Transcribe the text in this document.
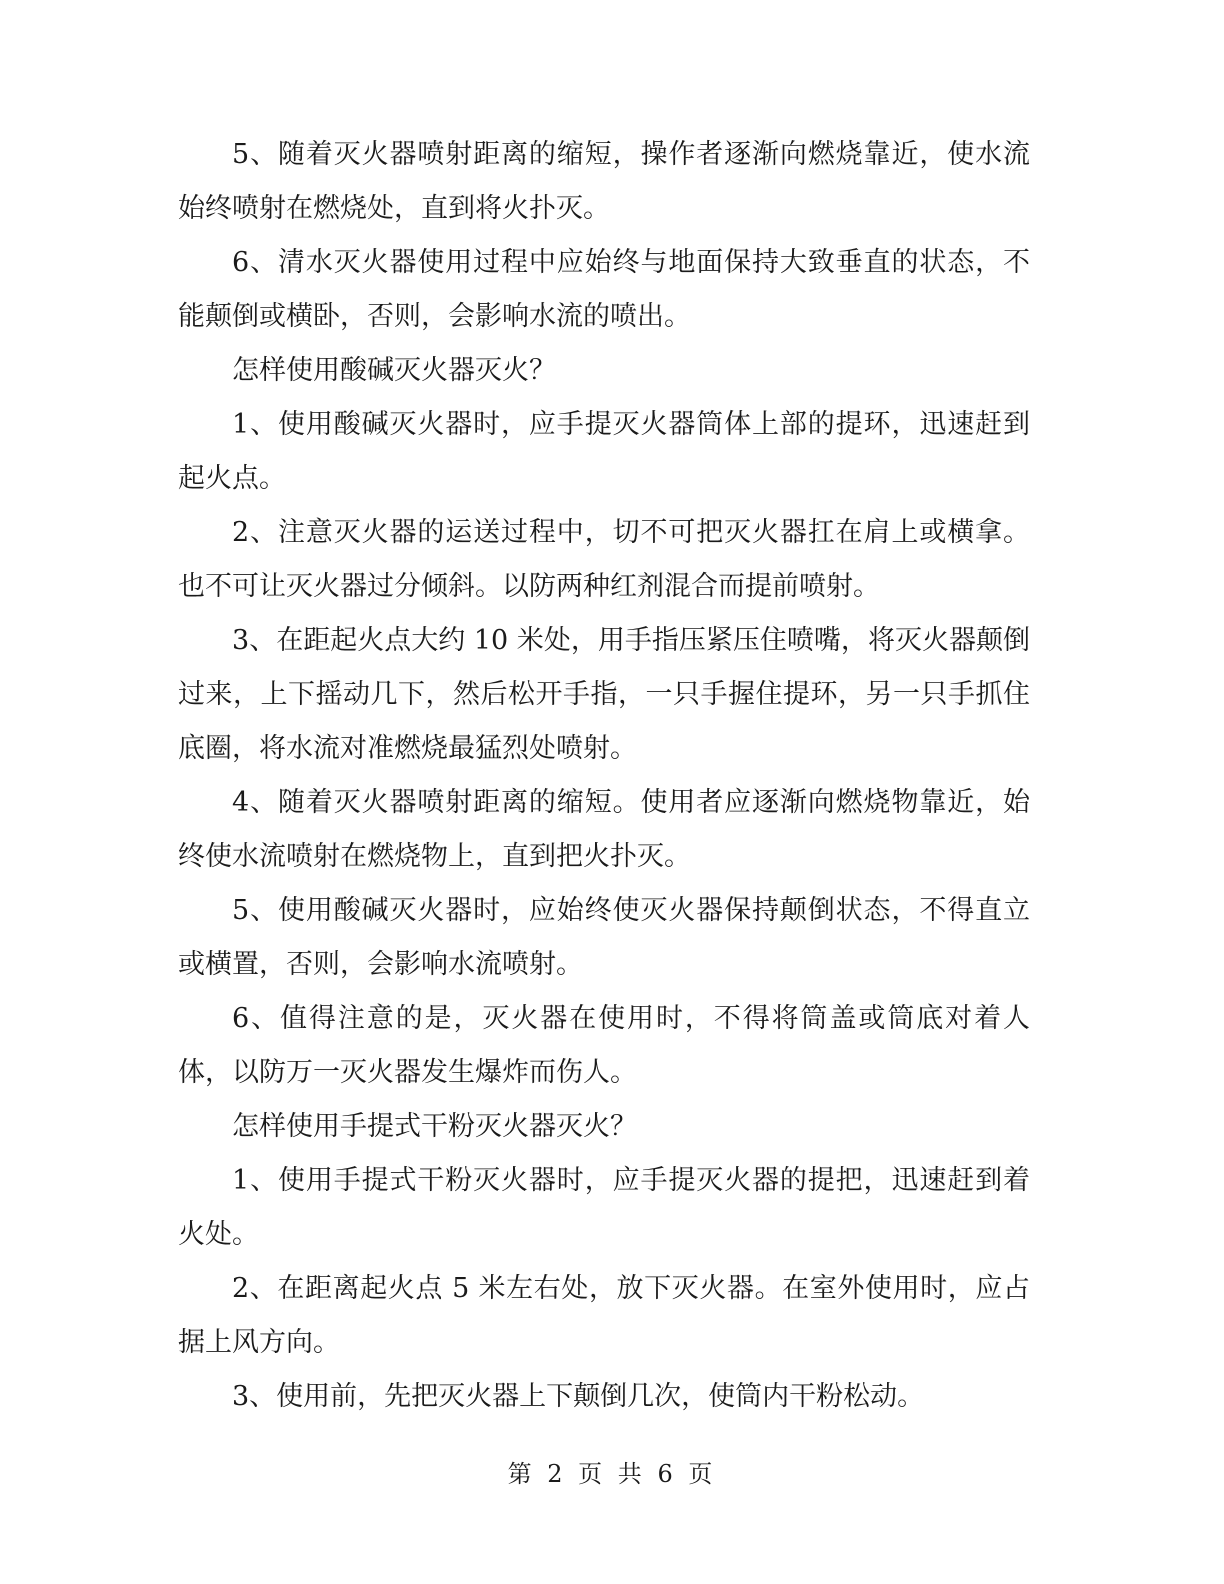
5、随着灭火器喷射距离的缩短，操作者逐渐向燃烧靠近，使水流始终喷射在燃烧处，直到将火扑灭。

6、清水灭火器使用过程中应始终与地面保持大致垂直的状态，不能颠倒或横卧，否则，会影响水流的喷出。

怎样使用酸碱灭火器灭火？

1、使用酸碱灭火器时，应手提灭火器筒体上部的提环，迅速赶到起火点。

2、注意灭火器的运送过程中，切不可把灭火器扛在肩上或横拿。也不可让灭火器过分倾斜。以防两种红剂混合而提前喷射。

3、在距起火点大约 10 米处，用手指压紧压住喷嘴，将灭火器颠倒过来，上下摇动几下，然后松开手指，一只手握住提环，另一只手抓住底圈，将水流对准燃烧最猛烈处喷射。

4、随着灭火器喷射距离的缩短。使用者应逐渐向燃烧物靠近，始终使水流喷射在燃烧物上，直到把火扑灭。

5、使用酸碱灭火器时，应始终使灭火器保持颠倒状态，不得直立或横置，否则，会影响水流喷射。

6、值得注意的是，灭火器在使用时，不得将筒盖或筒底对着人体，以防万一灭火器发生爆炸而伤人。

怎样使用手提式干粉灭火器灭火？

1、使用手提式干粉灭火器时，应手提灭火器的提把，迅速赶到着火处。

2、在距离起火点 5 米左右处，放下灭火器。在室外使用时，应占据上风方向。

3、使用前，先把灭火器上下颠倒几次，使筒内干粉松动。

第 2 页 共 6 页
